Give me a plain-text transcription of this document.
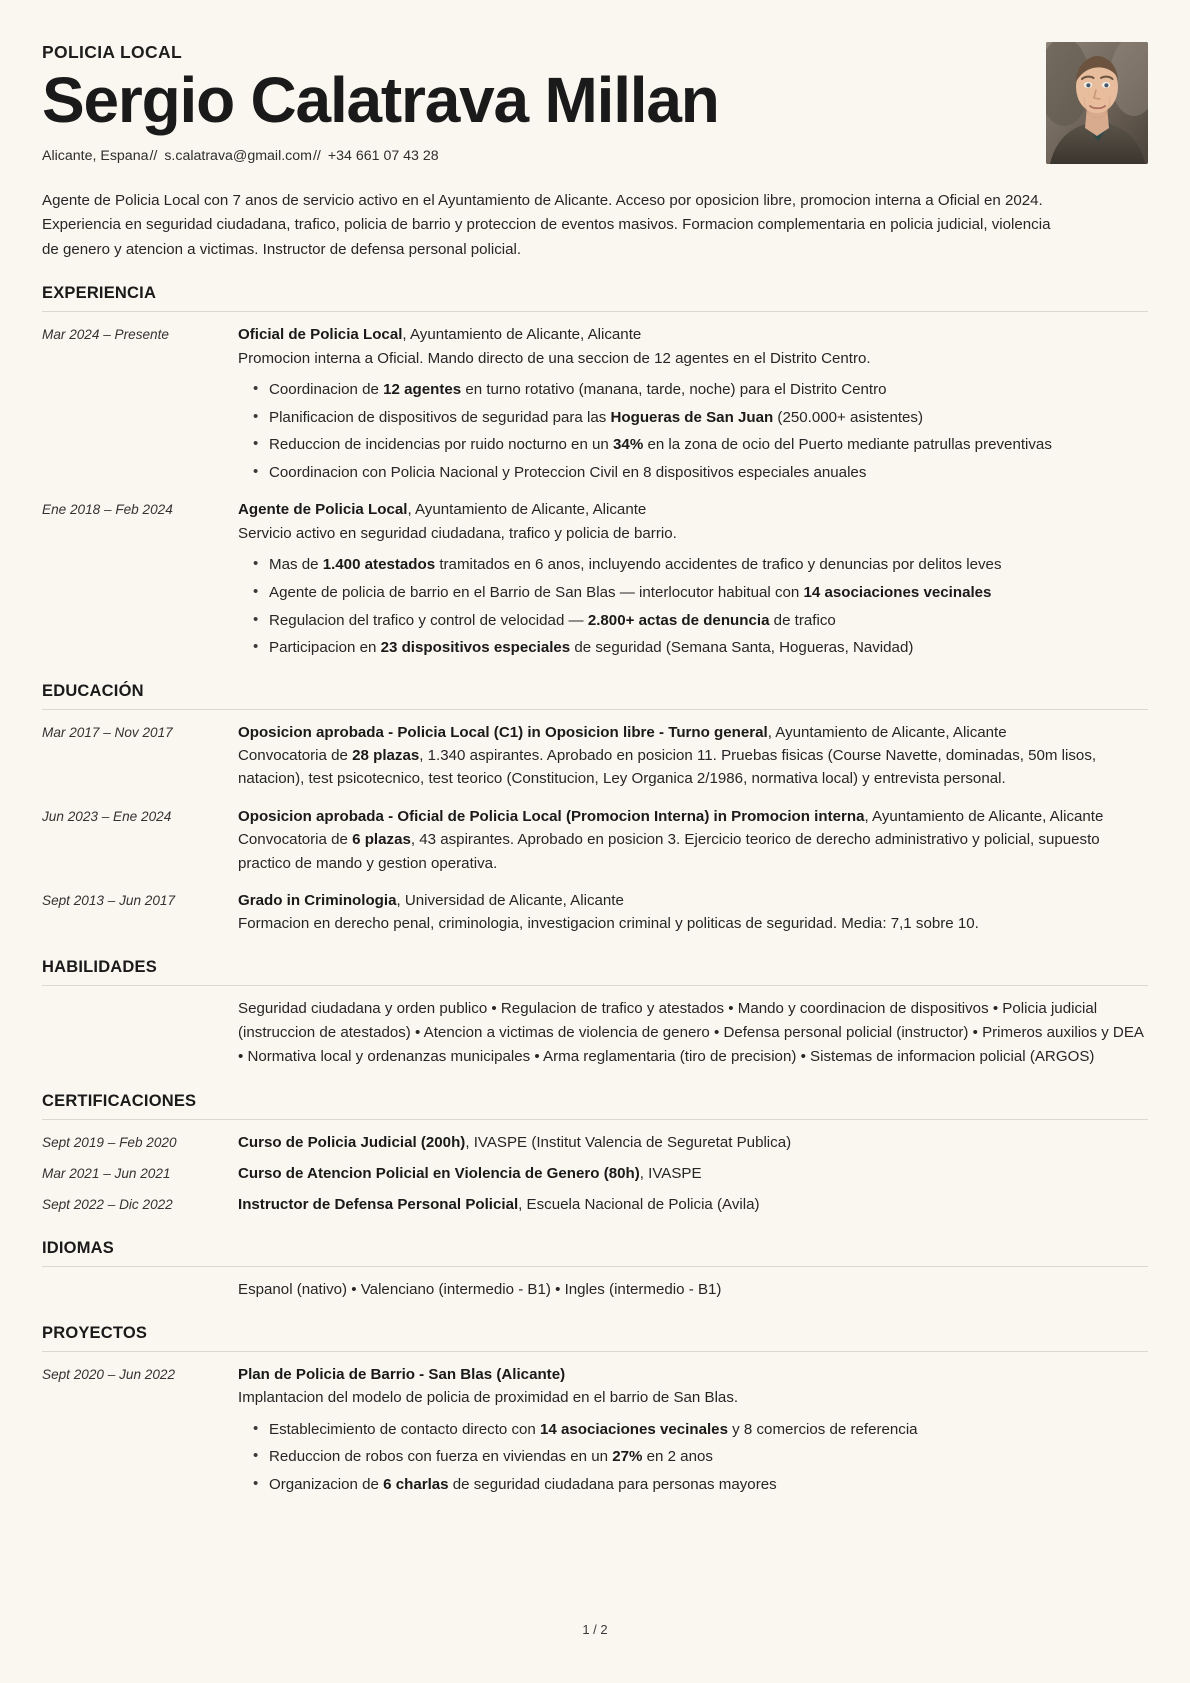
POLICIA LOCAL
Sergio Calatrava Millan
Alicante, Espana// s.calatrava@gmail.com// +34 661 07 43 28

Agente de Policia Local con 7 anos de servicio activo en el Ayuntamiento de Alicante. Acceso por oposicion libre, promocion interna a Oficial en 2024. Experiencia en seguridad ciudadana, trafico, policia de barrio y proteccion de eventos masivos. Formacion complementaria en policia judicial, violencia de genero y atencion a victimas. Instructor de defensa personal policial.

EXPERIENCIA
Mar 2024 – Presente	Oficial de Policia Local, Ayuntamiento de Alicante, Alicante
Promocion interna a Oficial. Mando directo de una seccion de 12 agentes en el Distrito Centro.
• Coordinacion de 12 agentes en turno rotativo (manana, tarde, noche) para el Distrito Centro
• Planificacion de dispositivos de seguridad para las Hogueras de San Juan (250.000+ asistentes)
• Reduccion de incidencias por ruido nocturno en un 34% en la zona de ocio del Puerto mediante patrullas preventivas
• Coordinacion con Policia Nacional y Proteccion Civil en 8 dispositivos especiales anuales
Ene 2018 – Feb 2024	Agente de Policia Local, Ayuntamiento de Alicante, Alicante
Servicio activo en seguridad ciudadana, trafico y policia de barrio.
• Mas de 1.400 atestados tramitados en 6 anos, incluyendo accidentes de trafico y denuncias por delitos leves
• Agente de policia de barrio en el Barrio de San Blas — interlocutor habitual con 14 asociaciones vecinales
• Regulacion del trafico y control de velocidad — 2.800+ actas de denuncia de trafico
• Participacion en 23 dispositivos especiales de seguridad (Semana Santa, Hogueras, Navidad)
EDUCACIÓN
Mar 2017 – Nov 2017	Oposicion aprobada - Policia Local (C1) in Oposicion libre - Turno general, Ayuntamiento de Alicante, Alicante
Convocatoria de 28 plazas, 1.340 aspirantes. Aprobado en posicion 11. Pruebas fisicas (Course Navette, dominadas, 50m lisos, natacion), test psicotecnico, test teorico (Constitucion, Ley Organica 2/1986, normativa local) y entrevista personal.
Jun 2023 – Ene 2024	Oposicion aprobada - Oficial de Policia Local (Promocion Interna) in Promocion interna, Ayuntamiento de Alicante, Alicante
Convocatoria de 6 plazas, 43 aspirantes. Aprobado en posicion 3. Ejercicio teorico de derecho administrativo y policial, supuesto practico de mando y gestion operativa.
Sept 2013 – Jun 2017	Grado in Criminologia, Universidad de Alicante, Alicante
Formacion en derecho penal, criminologia, investigacion criminal y politicas de seguridad. Media: 7,1 sobre 10.
HABILIDADES
Seguridad ciudadana y orden publico • Regulacion de trafico y atestados • Mando y coordinacion de dispositivos • Policia judicial (instruccion de atestados) • Atencion a victimas de violencia de genero • Defensa personal policial (instructor) • Primeros auxilios y DEA • Normativa local y ordenanzas municipales • Arma reglamentaria (tiro de precision) • Sistemas de informacion policial (ARGOS)
CERTIFICACIONES
Sept 2019 – Feb 2020	Curso de Policia Judicial (200h), IVASPE (Institut Valencia de Seguretat Publica)
Mar 2021 – Jun 2021	Curso de Atencion Policial en Violencia de Genero (80h), IVASPE
Sept 2022 – Dic 2022	Instructor de Defensa Personal Policial, Escuela Nacional de Policia (Avila)
IDIOMAS
Espanol (nativo) • Valenciano (intermedio - B1) • Ingles (intermedio - B1)
PROYECTOS
Sept 2020 – Jun 2022	Plan de Policia de Barrio - San Blas (Alicante)
Implantacion del modelo de policia de proximidad en el barrio de San Blas.
• Establecimiento de contacto directo con 14 asociaciones vecinales y 8 comercios de referencia
• Reduccion de robos con fuerza en viviendas en un 27% en 2 anos
• Organizacion de 6 charlas de seguridad ciudadana para personas mayores
1 / 2
